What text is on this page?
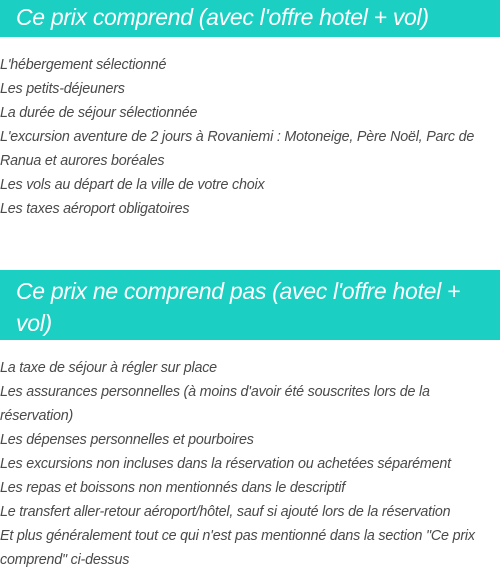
Ce prix comprend (avec l'offre hotel + vol)
L'hébergement sélectionné
Les petits-déjeuners
La durée de séjour sélectionnée
L'excursion aventure de 2 jours à Rovaniemi : Motoneige, Père Noël, Parc de Ranua et aurores boréales
Les vols au départ de la ville de votre choix
Les taxes aéroport obligatoires
Ce prix ne comprend pas (avec l'offre hotel + vol)
La taxe de séjour à régler sur place
Les assurances personnelles (à moins d'avoir été souscrites lors de la réservation)
Les dépenses personnelles et pourboires
Les excursions non incluses dans la réservation ou achetées séparément
Les repas et boissons non mentionnés dans le descriptif
Le transfert aller-retour aéroport/hôtel, sauf si ajouté lors de la réservation
Et plus généralement tout ce qui n'est pas mentionné dans la section "Ce prix comprend" ci-dessus
